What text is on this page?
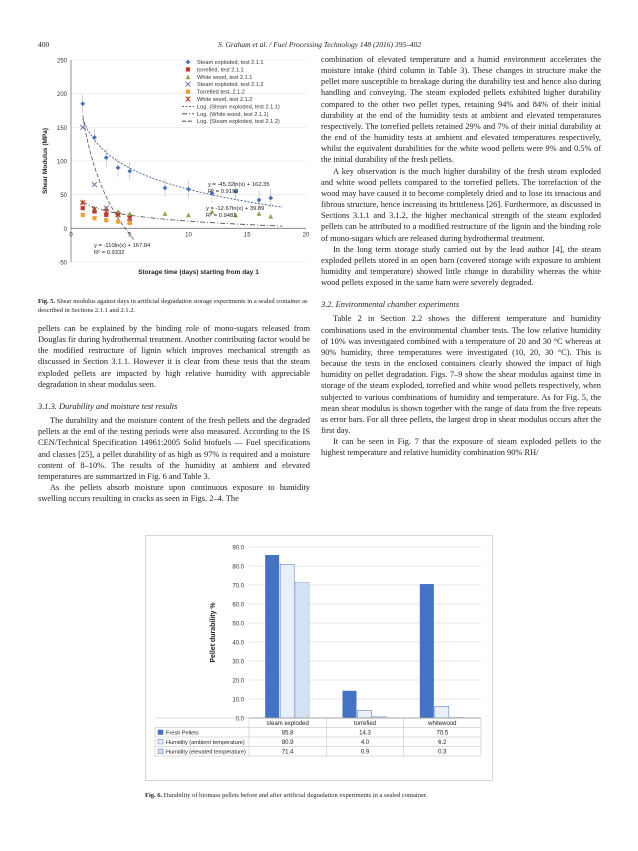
400	S. Graham et al. / Fuel Processing Technology 148 (2016) 395–402
-50
0
50
100
150
200
250
0	5	10	15	20
Shear Modulus (MPa)
Storage time (days) starting from day 1
Steam exploded, test 2.1.1
torrefied, test 2.1.1
White wood, test 2.1.1
Steam exploded, test 2.1.2
Torrefied test, 2.1.2
White wood, test 2.1.2
Log. (Steam exploded, test 2.1.1)
Log. (White wood, test 2.1.1)
Log. (Steam exploded, test 2.1.2)
y = -45.32ln(x) + 162.35
R² = 0.9193
y = -12.67ln(x) + 39.89
R² = 0.9481
y = -110ln(x) + 167.84
R² = 0.9332
Fig. 5. Shear modulus against days in artificial degradation storage experiments in a sealed container as described in Sections 2.1.1 and 2.1.2.

pellets can be explained by the binding role of mono-sugars released from Douglas fir during hydrothermal treatment. Another contributing factor would be the modified restructure of lignin which improves mechanical strength as discussed in Section 3.1.1. However it is clear from these tests that the steam exploded pellets are impacted by high relative humidity with appreciable degradation in shear modulus seen.

3.1.3. Durability and moisture test results

The durability and the moisture content of the fresh pellets and the degraded pellets at the end of the testing periods were also measured. According to the IS CEN/Technical Specification 14961:2005 Solid biofuels — Fuel specifications and classes [25], a pellet durability of as high as 97% is required and a moisture content of 8–10%. The results of the humidity at ambient and elevated temperatures are summarized in Fig. 6 and Table 3.

As the pellets absorb moisture upon continuous exposure to humidity swelling occurs resulting in cracks as seen in Figs. 2–4. The

combination of elevated temperature and a humid environment accelerates the moisture intake (third column in Table 3). These changes in structure make the pellet more susceptible to breakage during the durability test and hence also during handling and conveying. The steam exploded pellets exhibited higher durability compared to the other two pellet types, retaining 94% and 84% of their initial durability at the end of the humidity tests at ambient and elevated temperatures respectively. The torrefied pellets retained 29% and 7% of their initial durability at the end of the humidity tests at ambient and elevated temperatures respectively, whilst the equivalent durabilities for the white wood pellets were 9% and 0.5% of the initial durability of the fresh pellets.

A key observation is the much higher durability of the fresh steam exploded and white wood pellets compared to the torrefied pellets. The torrefaction of the wood may have caused it to become completely dried and to lose its tenacious and fibrous structure, hence increasing its brittleness [26]. Furthermore, as discussed in Sections 3.1.1 and 3.1.2, the higher mechanical strength of the steam exploded pellets can be attributed to a modified restructure of the lignin and the binding role of mono-sugars which are released during hydrothermal treatment.

In the long term storage study carried out by the lead author [4], the steam exploded pellets stored in an open barn (covered storage with exposure to ambient humidity and temperature) showed little change in durability whereas the white wood pellets exposed in the same barn were severely degraded.

3.2. Environmental chamber experiments

Table 2 in Section 2.2 shows the different temperature and humidity combinations used in the environmental chamber tests. The low relative humidity of 10% was investigated combined with a temperature of 20 and 30 °C whereas at 90% humidity, three temperatures were investigated (10, 20, 30 °C). This is because the tests in the enclosed containers clearly showed the impact of high humidity on pellet degradation. Figs. 7–9 show the shear modulus against time in storage of the steam exploded, torrefied and white wood pellets respectively, when subjected to various combinations of humidity and temperature. As for Fig. 5, the mean shear modulus is shown together with the range of data from the five repeats as error bars. For all three pellets, the largest drop in shear modulus occurs after the first day.

It can be seen in Fig. 7 that the exposure of steam exploded pellets to the highest temperature and relative humidity combination 90% RH/

0.0
10.0
20.0
30.0
40.0
50.0
60.0
70.0
80.0
90.0
Pellet durability %
steam exploded	torrefied	whitewood
Fresh Pellets	85.8	14.3	70.5
Humidity (ambient temperature)	80.9	4.0	6.2
Humidity (elevated temperature)	71.4	0.9	0.3
Fig. 6. Durability of biomass pellets before and after artificial degradation experiments in a sealed container.
